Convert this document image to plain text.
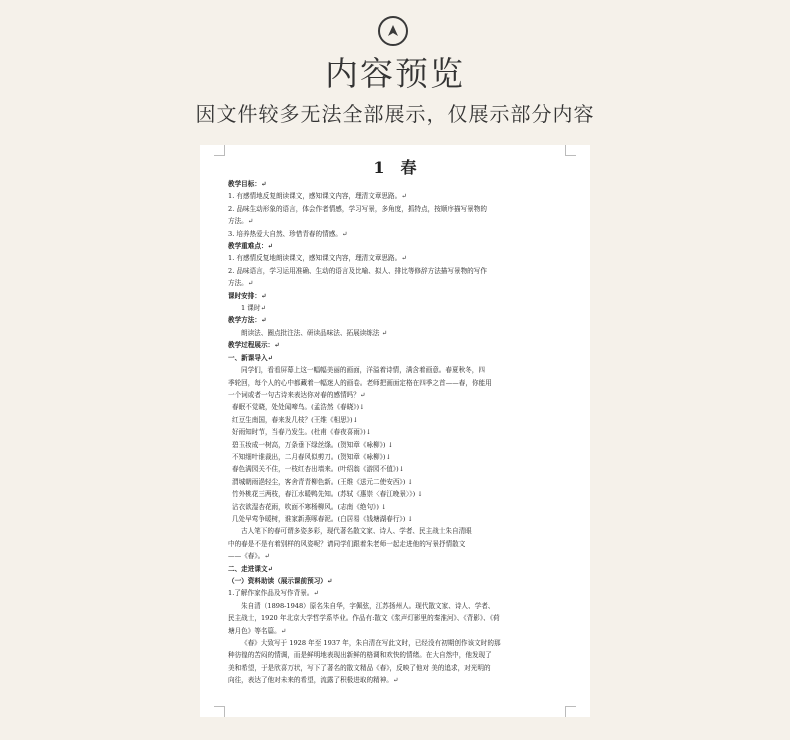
内容预览
因文件较多无法全部展示，仅展示部分内容
1　春
教学目标：↵
1. 有感情地反复朗读课文，感知课文内容，理清文章思路。↵
2. 品味生动形象的语言，体会作者情感，学习写景，多角度，抓特点，按顺序描写景物的
方法。↵
3. 培养热爱大自然、珍惜青春的情感。↵
教学重难点：↵
1. 有感情反复地朗读课文，感知课文内容，理清文章思路。↵
2. 品味语言，学习运用准确、生动的语言及比喻、拟人、排比等修辞方法描写景物的写作
方法。↵
课时安排：↵
1 课时↵
教学方法：↵
朗读法、圈点批注法、研读品味法、拓展读练法 ↵
教学过程展示：↵
一、新课导入↵
同学们，看看屏幕上这一幅幅美丽的画面，洋溢着诗情，满含着画意。春夏秋冬，四
季轮回，每个人的心中都藏着一幅迷人的画卷。老师把画面定格在四季之首——春，你能用
一个词或者一句古诗来表达你对春的感情吗？↵
春眠不觉晓，处处闻啼鸟。(孟浩然《春晓》)↓
红豆生南国，春来发几枝？(王维《相思》)↓
好雨知时节，当春乃发生。(杜甫《春夜喜雨》)↓
碧玉妆成一树高，万条垂下绿丝绦。(贺知章《咏柳》) ↓
不知细叶谁裁出，二月春风似剪刀。(贺知章《咏柳》)↓
春色满园关不住，一枝红杏出墙来。(叶绍翁《游园不值》)↓
渭城朝雨浥轻尘，客舍青青柳色新。(王维《送元二使安西》) ↓
竹外桃花三两枝，春江水暖鸭先知。(苏轼《惠崇〈春江晚景〉》) ↓
沾衣欲湿杏花雨，吹面不寒杨柳风。(志南《绝句》) ↓
几处早莺争暖树，谁家新燕啄春泥。(白居易《钱塘湖春行》) ↓
古人笔下的春可谓多姿多彩，现代著名散文家、诗人、学者、民主战士朱自清眼
中的春是不是有着别样的风姿呢？请同学们跟着朱老师一起走进他的写景抒情散文
——《春》。↵
二、走进课文↵
（一）资料助读（展示课前预习）↵
1.了解作家作品及写作背景。↵
朱自清（1898-1948）原名朱自华，字佩弦，江苏扬州人。现代散文家、诗人、学者、
民主战士，1920 年北京大学哲学系毕业。作品有:散文《浆声灯影里的秦淮河》、《背影》、《荷
塘月色》等名篇。↵
《春》大致写于 1928 年至 1937 年，朱自清在写此文时，已经没有初期创作该文时的那
种彷徨的苦闷的情调，而是鲜明地表现出新鲜的格调和欢快的情绪。在大自然中，他发现了
美和希望，于是欣喜万状，写下了著名的散文精品《春》，反映了他对 美的追求，对光明的
向往，表达了他对未来的希望，流露了积极进取的精神。↵
